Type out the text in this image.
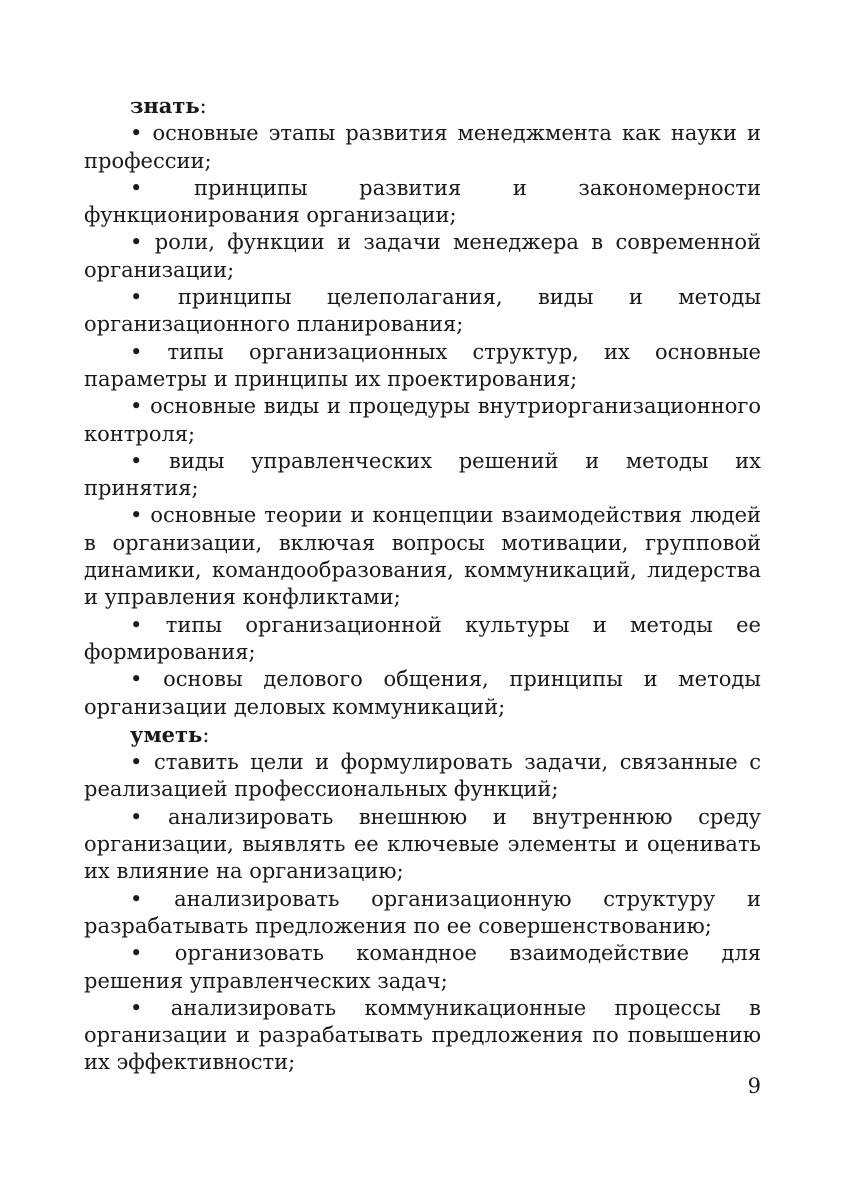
знать:

• основные этапы развития менеджмента как науки и профессии;

• принципы развития и закономерности функционирования организации;

• роли, функции и задачи менеджера в современной организации;

• принципы целеполагания, виды и методы организационного планирования;

• типы организационных структур, их основные параметры и принципы их проектирования;

• основные виды и процедуры внутриорганизационного контроля;

• виды управленческих решений и методы их принятия;

• основные теории и концепции взаимодействия людей в организации, включая вопросы мотивации, групповой динамики, командообразования, коммуникаций, лидерства и управления конфликтами;

• типы организационной культуры и методы ее формирования;

• основы делового общения, принципы и методы организации деловых коммуникаций;

уметь:

• ставить цели и формулировать задачи, связанные с реализацией профессиональных функций;

• анализировать внешнюю и внутреннюю среду организации, выявлять ее ключевые элементы и оценивать их влияние на организацию;

• анализировать организационную структуру и разрабатывать предложения по ее совершенствованию;

• организовать командное взаимодействие для решения управленческих задач;

• анализировать коммуникационные процессы в организации и разрабатывать предложения по повышению их эффективности;

9
